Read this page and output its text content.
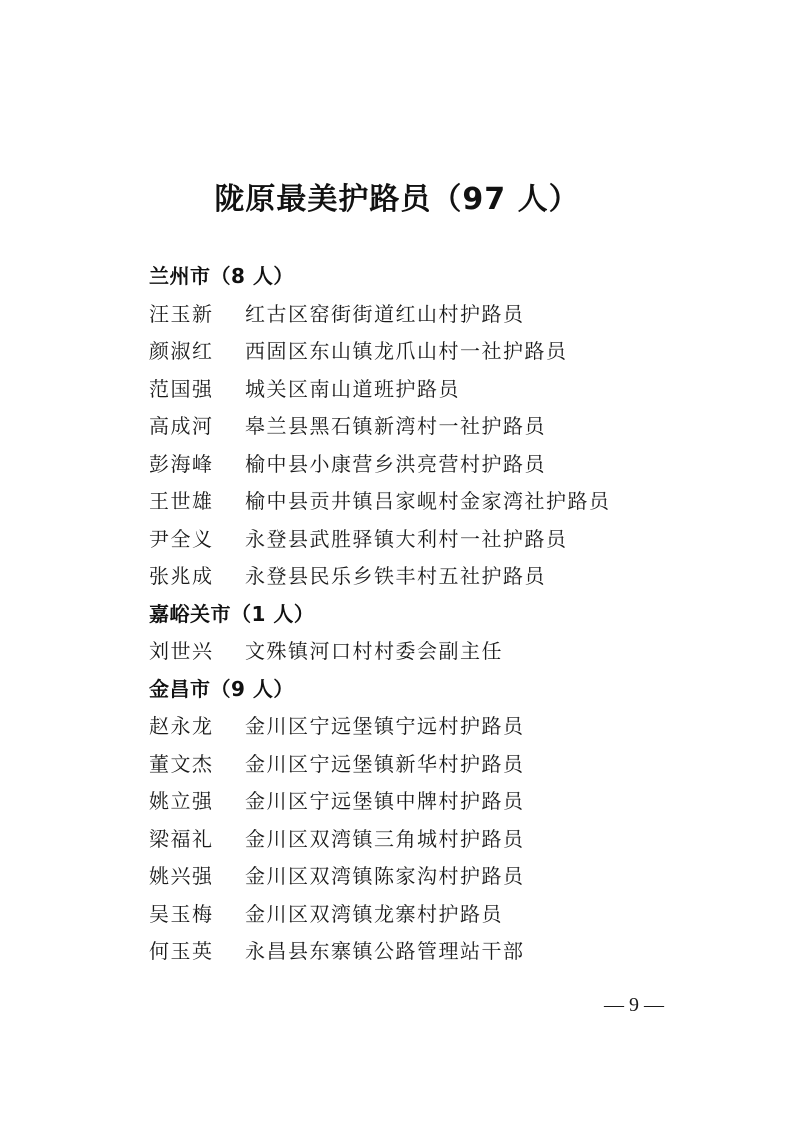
陇原最美护路员（97 人）
兰州市（8 人）
汪玉新 红古区窑街街道红山村护路员
颜淑红 西固区东山镇龙爪山村一社护路员
范国强 城关区南山道班护路员
高成河 皋兰县黑石镇新湾村一社护路员
彭海峰 榆中县小康营乡洪亮营村护路员
王世雄 榆中县贡井镇吕家岘村金家湾社护路员
尹全义 永登县武胜驿镇大利村一社护路员
张兆成 永登县民乐乡铁丰村五社护路员
嘉峪关市（1 人）
刘世兴 文殊镇河口村村委会副主任
金昌市（9 人）
赵永龙 金川区宁远堡镇宁远村护路员
董文杰 金川区宁远堡镇新华村护路员
姚立强 金川区宁远堡镇中牌村护路员
梁福礼 金川区双湾镇三角城村护路员
姚兴强 金川区双湾镇陈家沟村护路员
吴玉梅 金川区双湾镇龙寨村护路员
何玉英 永昌县东寨镇公路管理站干部
— 9 —
